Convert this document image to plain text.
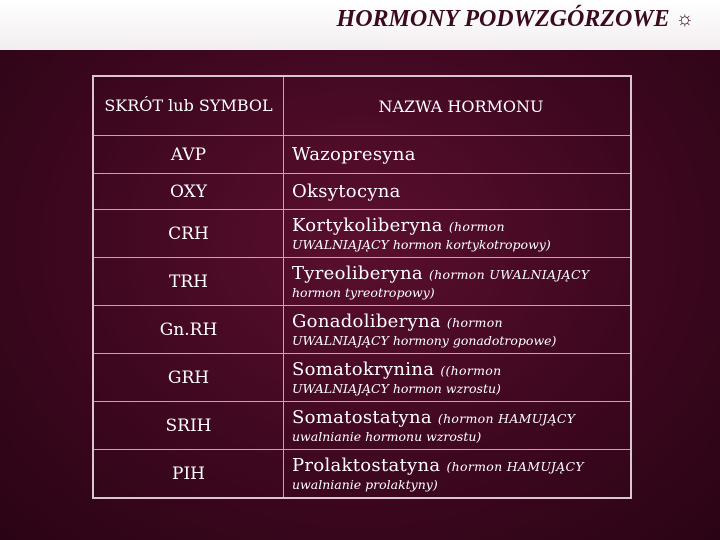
HORMONY PODWZGÓRZOWE ☼
SKRÓT lub SYMBOL	NAZWA HORMONU
AVP	Wazopresyna
OXY	Oksytocyna
CRH	Kortykoliberyna (hormon
UWALNIAJĄCY hormon kortykotropowy)
TRH	Tyreoliberyna (hormon UWALNIAJĄCY
hormon tyreotropowy)
Gn.RH	Gonadoliberyna (hormon
UWALNIAJĄCY hormony gonadotropowe)
GRH	Somatokrynina ((hormon
UWALNIAJĄCY hormon wzrostu)
SRIH	Somatostatyna (hormon HAMUJĄCY
uwalnianie hormonu wzrostu)
PIH	Prolaktostatyna (hormon HAMUJĄCY
uwalnianie prolaktyny)
